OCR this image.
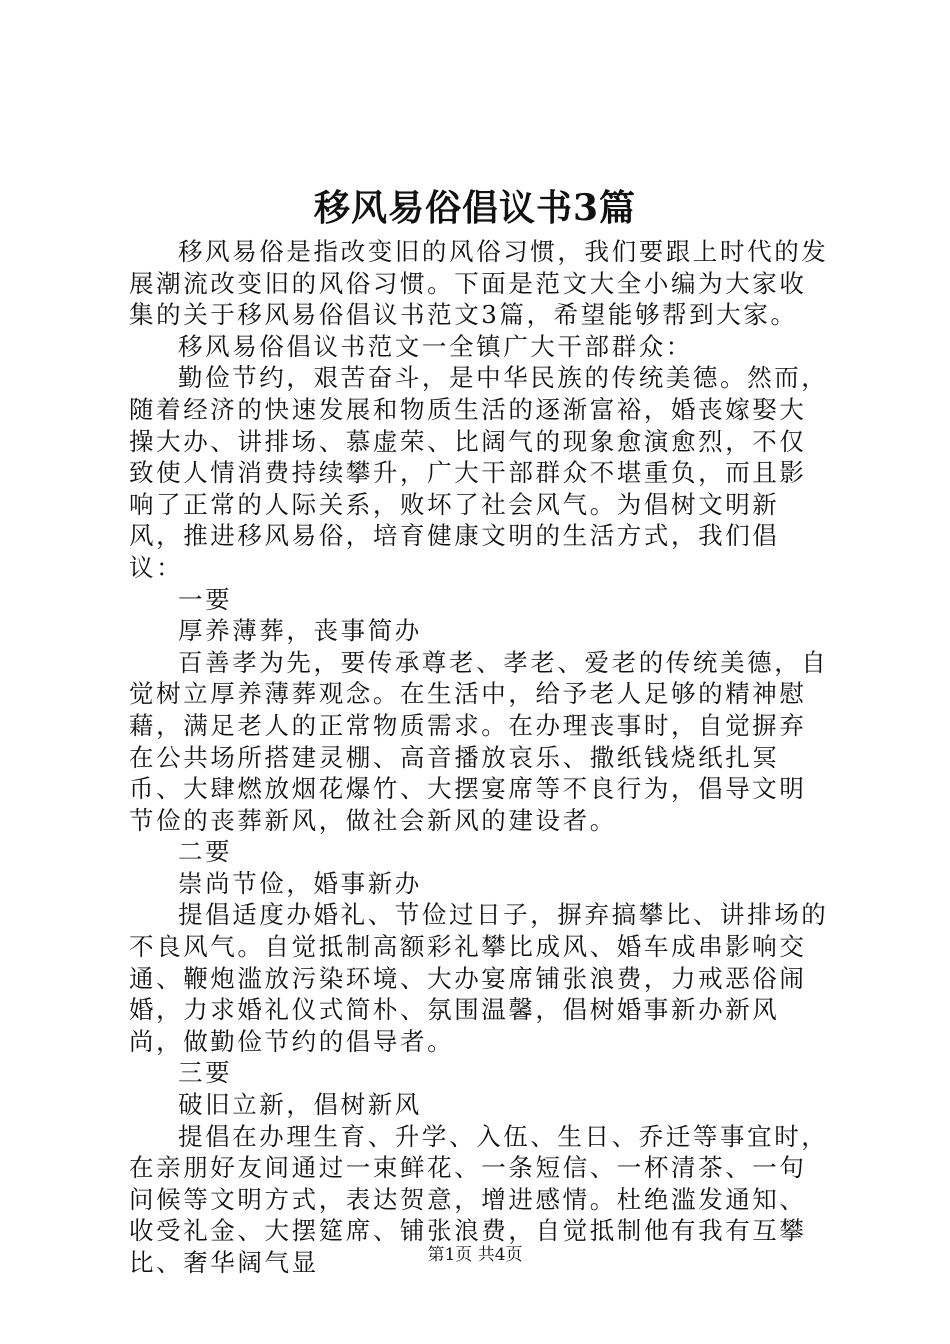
移风易俗倡议书3篇

移风易俗是指改变旧的风俗习惯，我们要跟上时代的发展潮流改变旧的风俗习惯。下面是范文大全小编为大家收集的关于移风易俗倡议书范文3篇，希望能够帮到大家。

移风易俗倡议书范文一全镇广大干部群众：

勤俭节约，艰苦奋斗，是中华民族的传统美德。然而，随着经济的快速发展和物质生活的逐渐富裕，婚丧嫁娶大操大办、讲排场、慕虚荣、比阔气的现象愈演愈烈，不仅致使人情消费持续攀升，广大干部群众不堪重负，而且影响了正常的人际关系，败坏了社会风气。为倡树文明新风，推进移风易俗，培育健康文明的生活方式，我们倡议：

一要

厚养薄葬，丧事简办

百善孝为先，要传承尊老、孝老、爱老的传统美德，自觉树立厚养薄葬观念。在生活中，给予老人足够的精神慰藉，满足老人的正常物质需求。在办理丧事时，自觉摒弃在公共场所搭建灵棚、高音播放哀乐、撒纸钱烧纸扎冥币、大肆燃放烟花爆竹、大摆宴席等不良行为，倡导文明节俭的丧葬新风，做社会新风的建设者。

二要

崇尚节俭，婚事新办

提倡适度办婚礼、节俭过日子，摒弃搞攀比、讲排场的不良风气。自觉抵制高额彩礼攀比成风、婚车成串影响交通、鞭炮滥放污染环境、大办宴席铺张浪费，力戒恶俗闹婚，力求婚礼仪式简朴、氛围温馨，倡树婚事新办新风尚，做勤俭节约的倡导者。

三要

破旧立新，倡树新风

提倡在办理生育、升学、入伍、生日、乔迁等事宜时，在亲朋好友间通过一束鲜花、一条短信、一杯清茶、一句问候等文明方式，表达贺意，增进感情。杜绝滥发通知、收受礼金、大摆筵席、铺张浪费，自觉抵制他有我有互攀比、奢华阔气显	第1页 共4页
